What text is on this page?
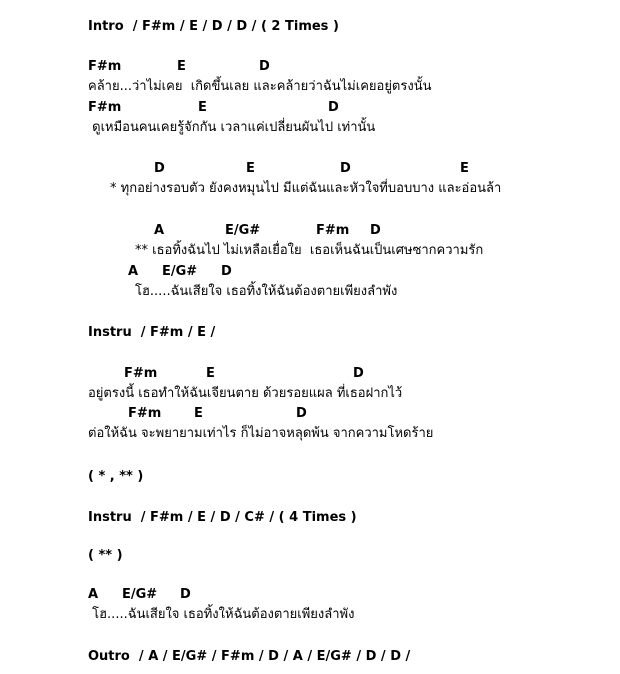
Intro  / F#m / E / D / D / ( 2 Times )
F#m	E	D
คล้าย...ว่าไม่เคย  เกิดขึ้นเลย และคล้ายว่าฉันไม่เคยอยู่ตรงนั้น
F#m	E	D
ดูเหมือนคนเคยรู้จักกัน เวลาแค่เปลี่ยนผันไป เท่านั้น
D	E	D	E
* ทุกอย่างรอบตัว ยังคงหมุนไป มีแต่ฉันและหัวใจที่บอบบาง และอ่อนล้า
A	E/G#	F#m D
** เธอทิ้งฉันไป ไม่เหลือเยื่อใย  เธอเห็นฉันเป็นเศษซากความรัก
A E/G# D
โฮ.....ฉันเสียใจ เธอทิ้งให้ฉันต้องตายเพียงลำพัง
Instru  / F#m / E /
F#m	E	D
อยู่ตรงนี้ เธอทำให้ฉันเจียนตาย ด้วยรอยแผล ที่เธอฝากไว้
F#m	E	D
ต่อให้ฉัน จะพยายามเท่าไร ก็ไม่อาจหลุดพ้น จากความโหดร้าย
( * , ** )
Instru  / F#m / E / D / C# / ( 4 Times )
( ** )
A E/G# D
โฮ.....ฉันเสียใจ เธอทิ้งให้ฉันต้องตายเพียงลำพัง
Outro  / A / E/G# / F#m / D / A / E/G# / D / D /
